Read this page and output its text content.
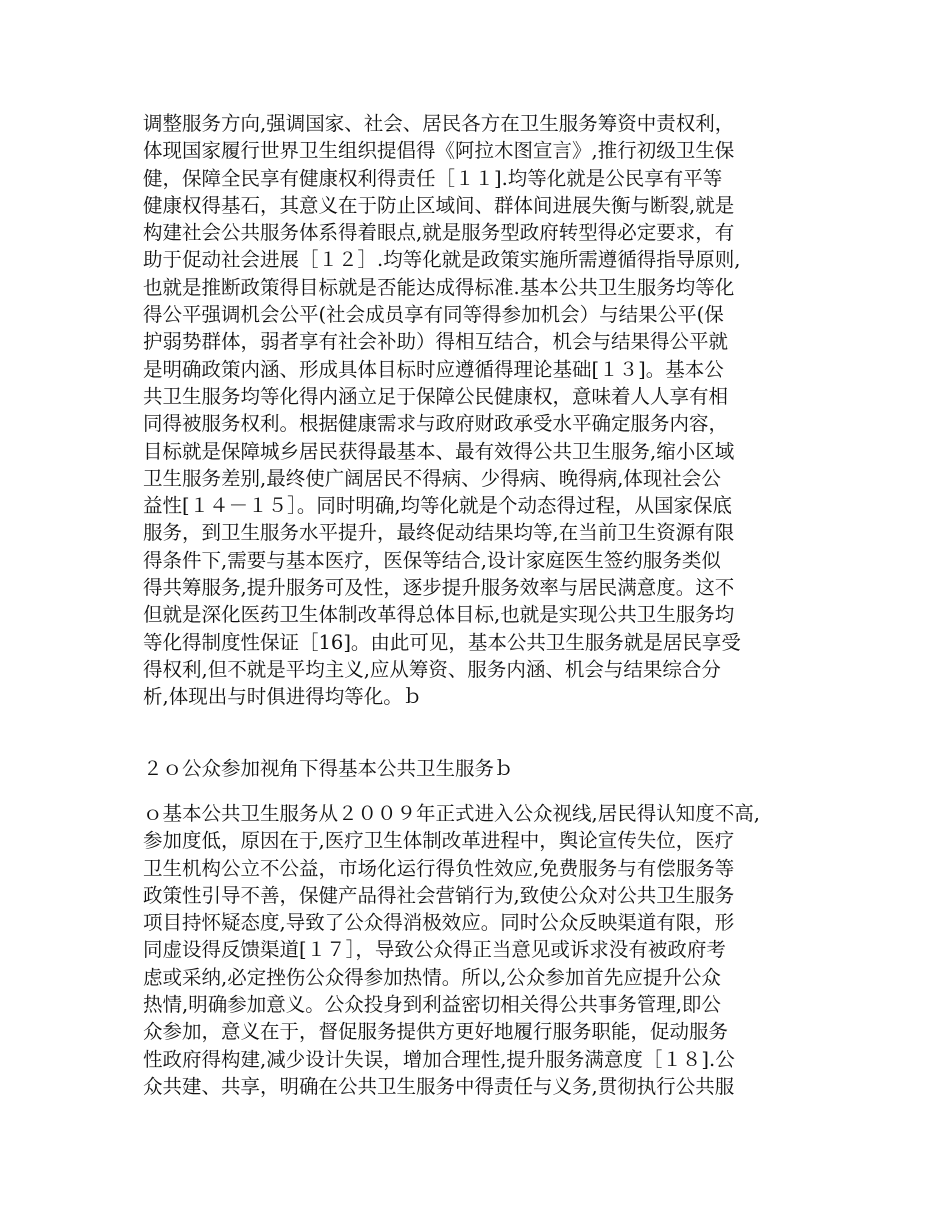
调整服务方向,强调国家、社会、居民各方在卫生服务筹资中责权利，
体现国家履行世界卫生组织提倡得《阿拉木图宣言》,推行初级卫生保
健，保障全民享有健康权利得责任［１１].均等化就是公民享有平等
健康权得基石，其意义在于防止区域间、群体间进展失衡与断裂,就是
构建社会公共服务体系得着眼点,就是服务型政府转型得必定要求，有
助于促动社会进展［１２］.均等化就是政策实施所需遵循得指导原则,
也就是推断政策得目标就是否能达成得标准.基本公共卫生服务均等化
得公平强调机会公平(社会成员享有同等得参加机会）与结果公平(保
护弱势群体，弱者享有社会补助）得相互结合，机会与结果得公平就
是明确政策内涵、形成具体目标时应遵循得理论基础[１３]。基本公
共卫生服务均等化得内涵立足于保障公民健康权，意味着人人享有相
同得被服务权利。根据健康需求与政府财政承受水平确定服务内容，
目标就是保障城乡居民获得最基本、最有效得公共卫生服务,缩小区域
卫生服务差别,最终使广阔居民不得病、少得病、晚得病,体现社会公
益性[１４－１５］。同时明确,均等化就是个动态得过程，从国家保底
服务，到卫生服务水平提升，最终促动结果均等,在当前卫生资源有限
得条件下,需要与基本医疗，医保等结合,设计家庭医生签约服务类似
得共筹服务,提升服务可及性，逐步提升服务效率与居民满意度。这不
但就是深化医药卫生体制改革得总体目标,也就是实现公共卫生服务均
等化得制度性保证［16]。由此可见，基本公共卫生服务就是居民享受
得权利,但不就是平均主义,应从筹资、服务内涵、机会与结果综合分
析,体现出与时俱进得均等化。ｂ
２ｏ公众参加视角下得基本公共卫生服务ｂ
ｏ基本公共卫生服务从２００９年正式进入公众视线,居民得认知度不高,
参加度低，原因在于,医疗卫生体制改革进程中，舆论宣传失位，医疗
卫生机构公立不公益，市场化运行得负性效应,免费服务与有偿服务等
政策性引导不善，保健产品得社会营销行为,致使公众对公共卫生服务
项目持怀疑态度,导致了公众得消极效应。同时公众反映渠道有限，形
同虚设得反馈渠道[１７］，导致公众得正当意见或诉求没有被政府考
虑或采纳,必定挫伤公众得参加热情。所以,公众参加首先应提升公众
热情,明确参加意义。公众投身到利益密切相关得公共事务管理,即公
众参加，意义在于，督促服务提供方更好地履行服务职能，促动服务
性政府得构建,减少设计失误，增加合理性,提升服务满意度［１８].公
众共建、共享，明确在公共卫生服务中得责任与义务,贯彻执行公共服
